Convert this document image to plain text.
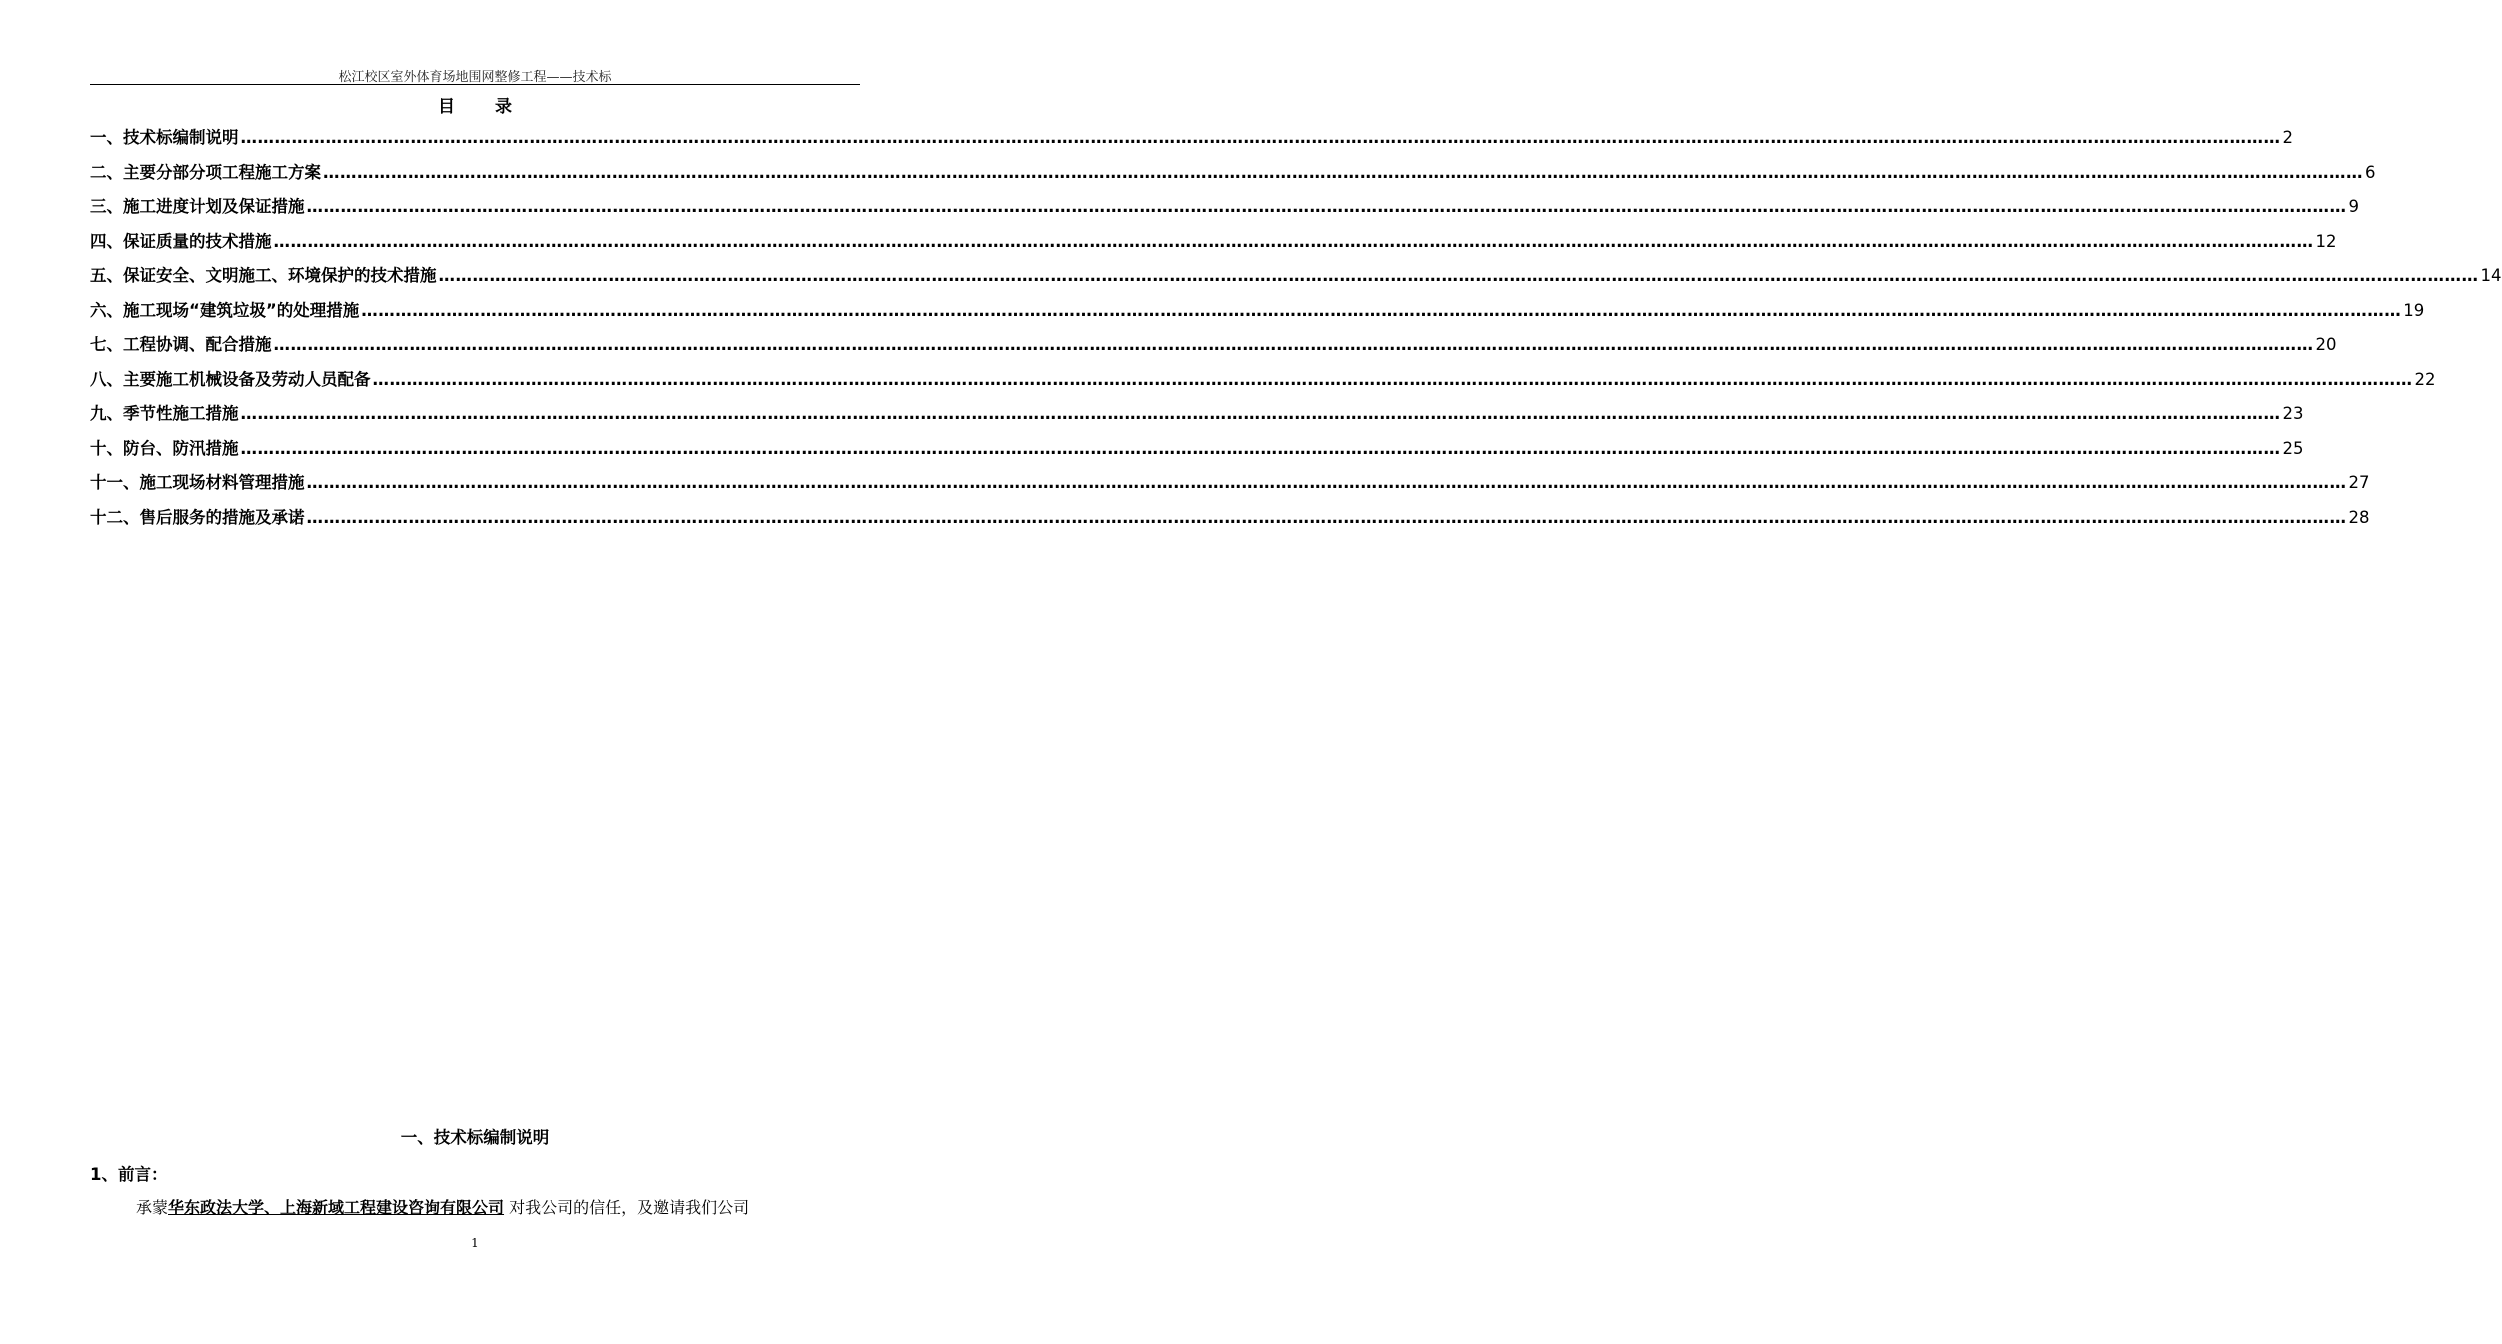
松江校区室外体育场地围网整修工程——技术标
目录
一、技术标编制说明 ……………………………………………………………………………………………………………………………………………………………………………………………………………………………………………………………………………………………………………………………… 2
二、主要分部分项工程施工方案 ……………………………………………………………………………………………………………………………………………………………………………………………………………………………………………………………………………………………………………………………… 6
三、施工进度计划及保证措施 ……………………………………………………………………………………………………………………………………………………………………………………………………………………………………………………………………………………………………………………………… 9
四、保证质量的技术措施 ……………………………………………………………………………………………………………………………………………………………………………………………………………………………………………………………………………………………………………………………… 12
五、保证安全、文明施工、环境保护的技术措施 ……………………………………………………………………………………………………………………………………………………………………………………………………………………………………………………………………………………………………………………………… 14
六、施工现场“建筑垃圾”的处理措施 ……………………………………………………………………………………………………………………………………………………………………………………………………………………………………………………………………………………………………………………………… 19
七、工程协调、配合措施 ……………………………………………………………………………………………………………………………………………………………………………………………………………………………………………………………………………………………………………………………… 20
八、主要施工机械设备及劳动人员配备 ……………………………………………………………………………………………………………………………………………………………………………………………………………………………………………………………………………………………………………………………… 22
九、季节性施工措施 ……………………………………………………………………………………………………………………………………………………………………………………………………………………………………………………………………………………………………………………………… 23
十、防台、防汛措施 ……………………………………………………………………………………………………………………………………………………………………………………………………………………………………………………………………………………………………………………………… 25
十一、施工现场材料管理措施 ……………………………………………………………………………………………………………………………………………………………………………………………………………………………………………………………………………………………………………………………… 27
十二、售后服务的措施及承诺 ……………………………………………………………………………………………………………………………………………………………………………………………………………………………………………………………………………………………………………………………… 28
一、技术标编制说明
1、前言：
承蒙华东政法大学、上海新域工程建设咨询有限公司 对我公司的信任，及邀请我们公司
1
